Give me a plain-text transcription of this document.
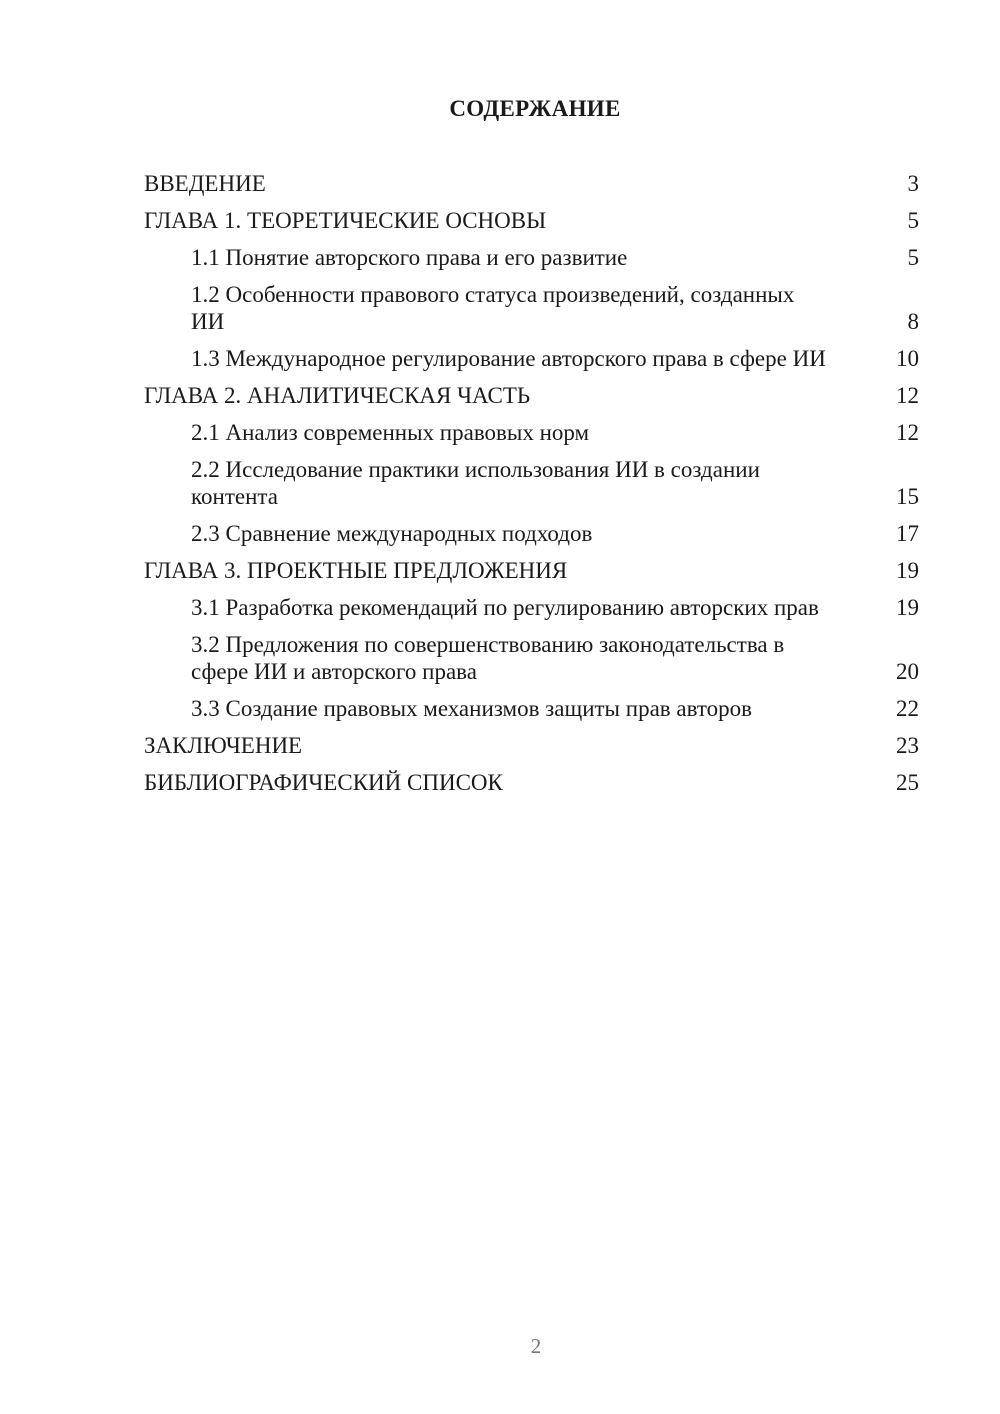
СОДЕРЖАНИЕ
ВВЕДЕНИЕ	3
ГЛАВА 1. ТЕОРЕТИЧЕСКИЕ ОСНОВЫ	5
1.1 Понятие авторского права и его развитие	5
1.2 Особенности правового статуса произведений, созданных ИИ	8
1.3 Международное регулирование авторского права в сфере ИИ	10
ГЛАВА 2. АНАЛИТИЧЕСКАЯ ЧАСТЬ	12
2.1 Анализ современных правовых норм	12
2.2 Исследование практики использования ИИ в создании контента	15
2.3 Сравнение международных подходов	17
ГЛАВА 3. ПРОЕКТНЫЕ ПРЕДЛОЖЕНИЯ	19
3.1 Разработка рекомендаций по регулированию авторских прав	19
3.2 Предложения по совершенствованию законодательства в сфере ИИ и авторского права	20
3.3 Создание правовых механизмов защиты прав авторов	22
ЗАКЛЮЧЕНИЕ	23
БИБЛИОГРАФИЧЕСКИЙ СПИСОК	25
2
